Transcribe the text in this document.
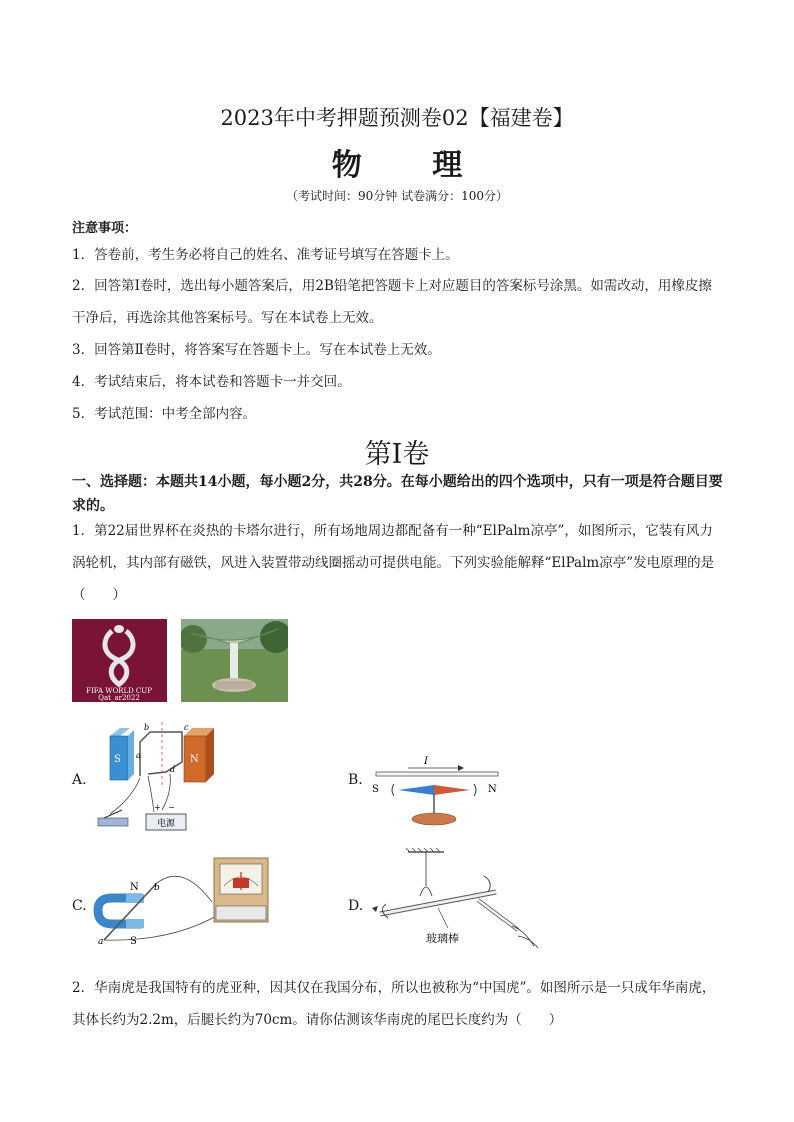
2023年中考押题预测卷02【福建卷】
物 理
（考试时间：90分钟 试卷满分：100分）
注意事项：
1．答卷前，考生务必将自己的姓名、准考证号填写在答题卡上。
2．回答第Ⅰ卷时，选出每小题答案后，用2B铅笔把答题卡上对应题目的答案标号涂黑。如需改动，用橡皮擦干净后，再选涂其他答案标号。写在本试卷上无效。
3．回答第Ⅱ卷时，将答案写在答题卡上。写在本试卷上无效。
4．考试结束后，将本试卷和答题卡一并交回。
5．考试范围：中考全部内容。
第Ⅰ卷
一、选择题：本题共14小题，每小题2分，共28分。在每小题给出的四个选项中，只有一项是符合题目要求的。
1．第22届世界杯在炎热的卡塔尔进行，所有场地周边都配备有一种“ElPalm凉亭”，如图所示，它装有风力涡轮机，其内部有磁铁，风进入装置带动线圈摇动可提供电能。下列实验能解释“ElPalm凉亭”发电原理的是（　　）
FIFA WORLD CUP
Qat_ar2022
A.
S	N
a
b	c
d
+ −
电源
B.
I
S	N
C.
N
S
a
b
D.
玻璃棒
2．华南虎是我国特有的虎亚种，因其仅在我国分布，所以也被称为“中国虎”。如图所示是一只成年华南虎，其体长约为2.2m，后腿长约为70cm。请你估测该华南虎的尾巴长度约为（　　）
